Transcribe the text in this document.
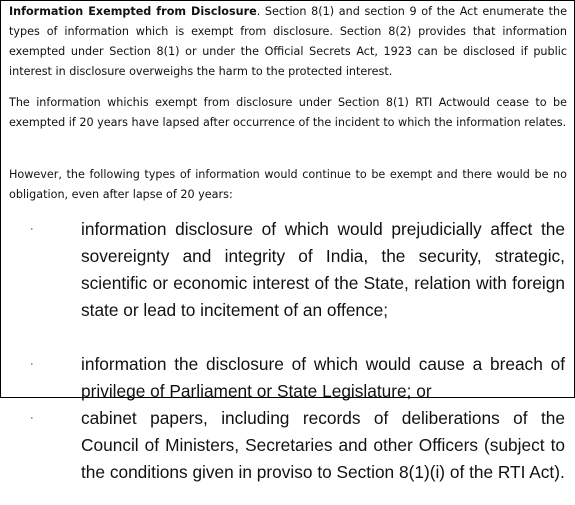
Information Exempted from Disclosure. Section 8(1) and section 9 of the Act enumerate the types of information which is exempt from disclosure. Section 8(2) provides that information exempted under Section 8(1) or under the Official Secrets Act, 1923 can be disclosed if public interest in disclosure overweighs the harm to the protected interest.

The information whichis exempt from disclosure under Section 8(1) RTI Actwould cease to be exempted if 20 years have lapsed after occurrence of the incident to which the information relates.

However, the following types of information would continue to be exempt and there would be no obligation, even after lapse of 20 years:

·	information disclosure of which would prejudicially affect the sovereignty and integrity of India, the security, strategic, scientific or economic interest of the State, relation with foreign state or lead to incitement of an offence;

·	information the disclosure of which would cause a breach of privilege of Parliament or State Legislature; or

·	cabinet papers, including records of deliberations of the Council of Ministers, Secretaries and other Officers (subject to the conditions given in proviso to Section 8(1)(i) of the RTI Act).
